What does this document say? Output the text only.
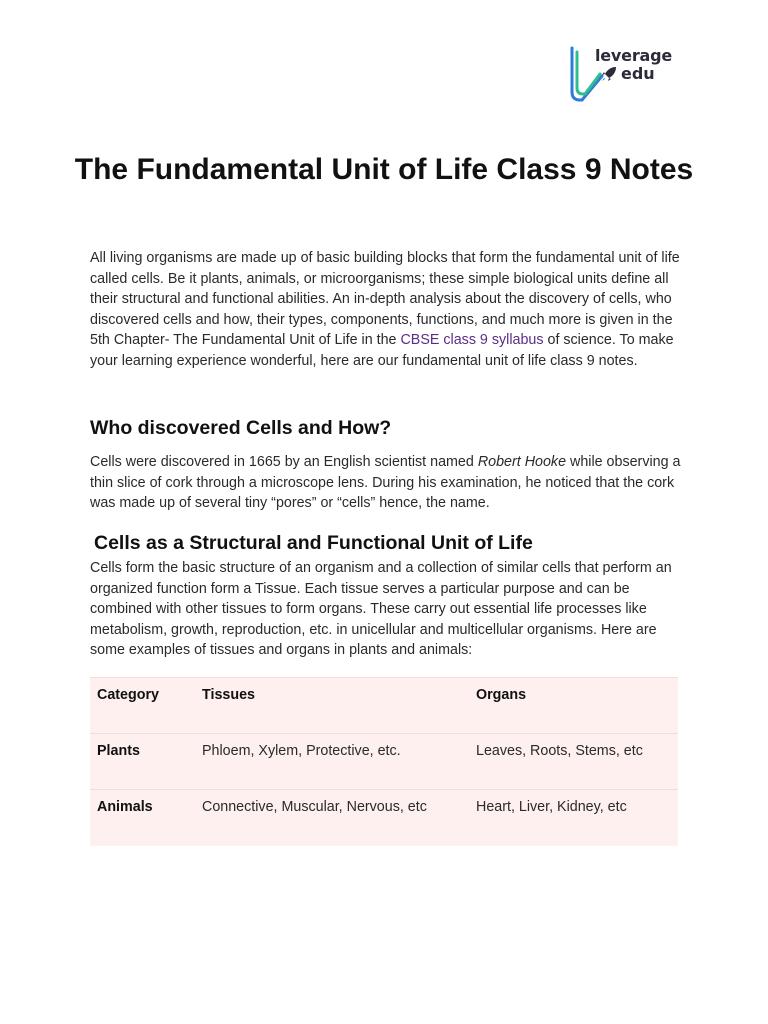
leverage
edu
The Fundamental Unit of Life Class 9 Notes

All living organisms are made up of basic building blocks that form the fundamental unit of life called cells. Be it plants, animals, or microorganisms; these simple biological units define all their structural and functional abilities. An in-depth analysis about the discovery of cells, who discovered cells and how, their types, components, functions, and much more is given in the 5th Chapter- The Fundamental Unit of Life in the CBSE class 9 syllabus of science. To make your learning experience wonderful, here are our fundamental unit of life class 9 notes.

Who discovered Cells and How?

Cells were discovered in 1665 by an English scientist named Robert Hooke while observing a thin slice of cork through a microscope lens. During his examination, he noticed that the cork was made up of several tiny “pores” or “cells” hence, the name.

Cells as a Structural and Functional Unit of Life

Cells form the basic structure of an organism and a collection of similar cells that perform an organized function form a Tissue. Each tissue serves a particular purpose and can be combined with other tissues to form organs. These carry out essential life processes like metabolism, growth, reproduction, etc. in unicellular and multicellular organisms. Here are some examples of tissues and organs in plants and animals:

Category	Tissues	Organs
Plants	Phloem, Xylem, Protective, etc.	Leaves, Roots, Stems, etc
Animals	Connective, Muscular, Nervous, etc	Heart, Liver, Kidney, etc
